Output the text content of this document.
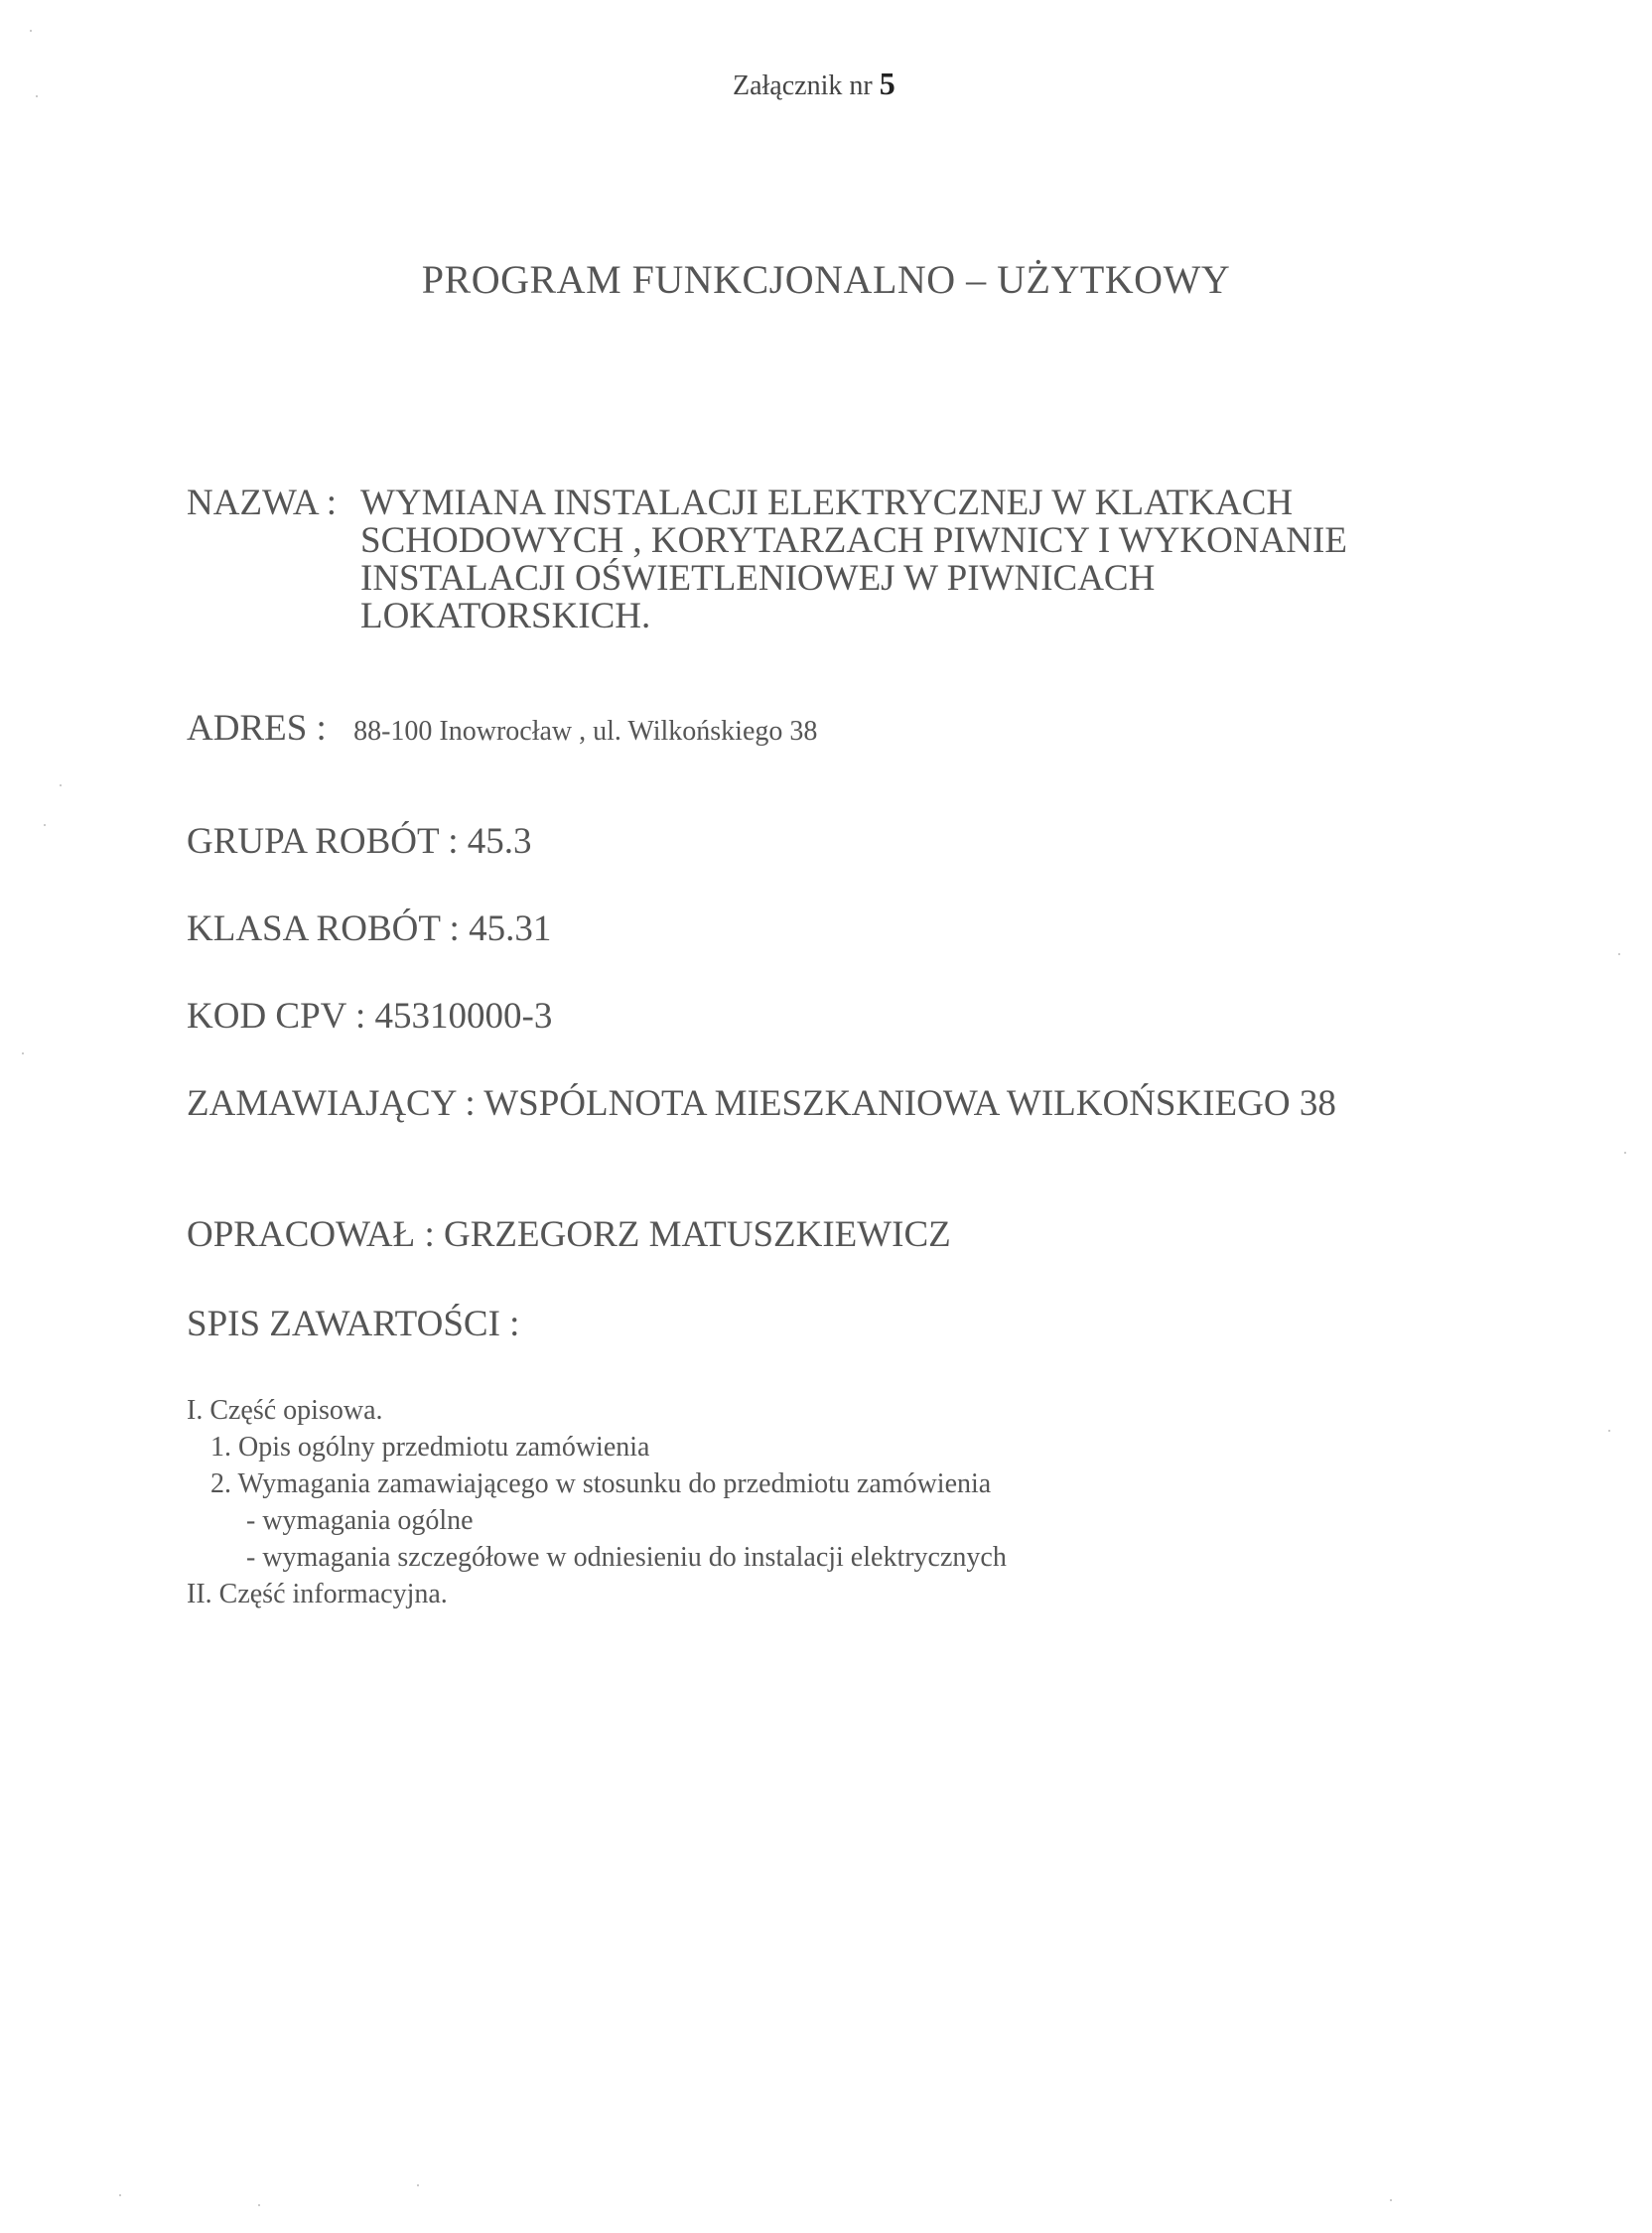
Załącznik nr 5
PROGRAM FUNKCJONALNO – UŻYTKOWY
NAZWA : WYMIANA INSTALACJI ELEKTRYCZNEJ W KLATKACH
SCHODOWYCH , KORYTARZACH PIWNICY I WYKONANIE
INSTALACJI OŚWIETLENIOWEJ W PIWNICACH
LOKATORSKICH.
ADRES : 88-100 Inowrocław , ul. Wilkońskiego 38
GRUPA ROBÓT : 45.3
KLASA ROBÓT : 45.31
KOD CPV : 45310000-3
ZAMAWIAJĄCY : WSPÓLNOTA MIESZKANIOWA WILKOŃSKIEGO 38
OPRACOWAŁ : GRZEGORZ MATUSZKIEWICZ
SPIS ZAWARTOŚCI :
I. Część opisowa.
1. Opis ogólny przedmiotu zamówienia
2. Wymagania zamawiającego w stosunku do przedmiotu zamówienia
- wymagania ogólne
- wymagania szczegółowe w odniesieniu do instalacji elektrycznych
II. Część informacyjna.
